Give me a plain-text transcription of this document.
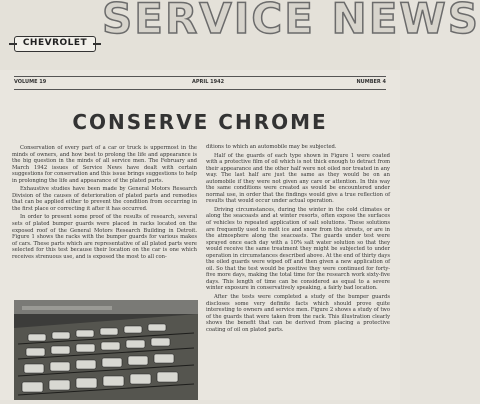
CHEVROLET SERVICE NEWS
VOLUME 19	APRIL 1942	NUMBER 4
CONSERVE CHROME

Conservation of every part of a car or truck is uppermost in the minds of owners, and how best to prolong the life and appearance is the big question in the minds of all service men. The February and March 1942 issues of Service News have dealt with certain suggestions for conservation and this issue brings suggestions to help in prolonging the life and appearance of the plated parts.

Exhaustive studies have been made by General Motors Research Division of the causes of deterioration of plated parts and remedies that can be applied either to prevent the condition from occurring in the first place or correcting it after it has occurred.

In order to present some proof of the results of research, several sets of plated bumper guards were placed in racks located on the exposed roof of the General Motors Research Building in Detroit. Figure 1 shows the racks with the bumper guards for various makes of cars. These parts which are representative of all plated parts were selected for this test because their location on the car is one which receives strenuous use, and is exposed the most to all con-

ditions to which an automobile may be subjected.

Half of the guards of each type shown in Figure 1 were coated with a protective film of oil which is not thick enough to detract from their appearance and the other half were not oiled nor treated in any way. The last half are just the same as they would be on an automobile if they were not given any care or attention. In this way the same conditions were created as would be encountered under normal use, in order that the findings would give a true reflection of results that would occur under actual operation.

Driving circumstances, during the winter in the cold climates or along the seacoasts and at winter resorts, often expose the surfaces of vehicles to repeated application of salt solutions. These solutions are frequently used to melt ice and snow from the streets, or are in the atmosphere along the seacoasts. The guards under test were sprayed once each day with a 10% salt water solution so that they would receive the same treatment they might be subjected to under operation in circumstances described above. At the end of thirty days the oiled guards were wiped off and then given a new application of oil. So that the test would be positive they were continued for forty-five more days, making the total time for the research work sixty-five days. This length of time can be considered as equal to a severe winter exposure in conservatively speaking, a fairly bad location.

After the tests were completed a study of the bumper guards discloses some very definite facts which should prove quite interesting to owners and service men. Figure 2 shows a study of two of the guards that were taken from the rack. This illustration clearly shows the benefit that can be derived from placing a protective coating of oil on plated parts.
